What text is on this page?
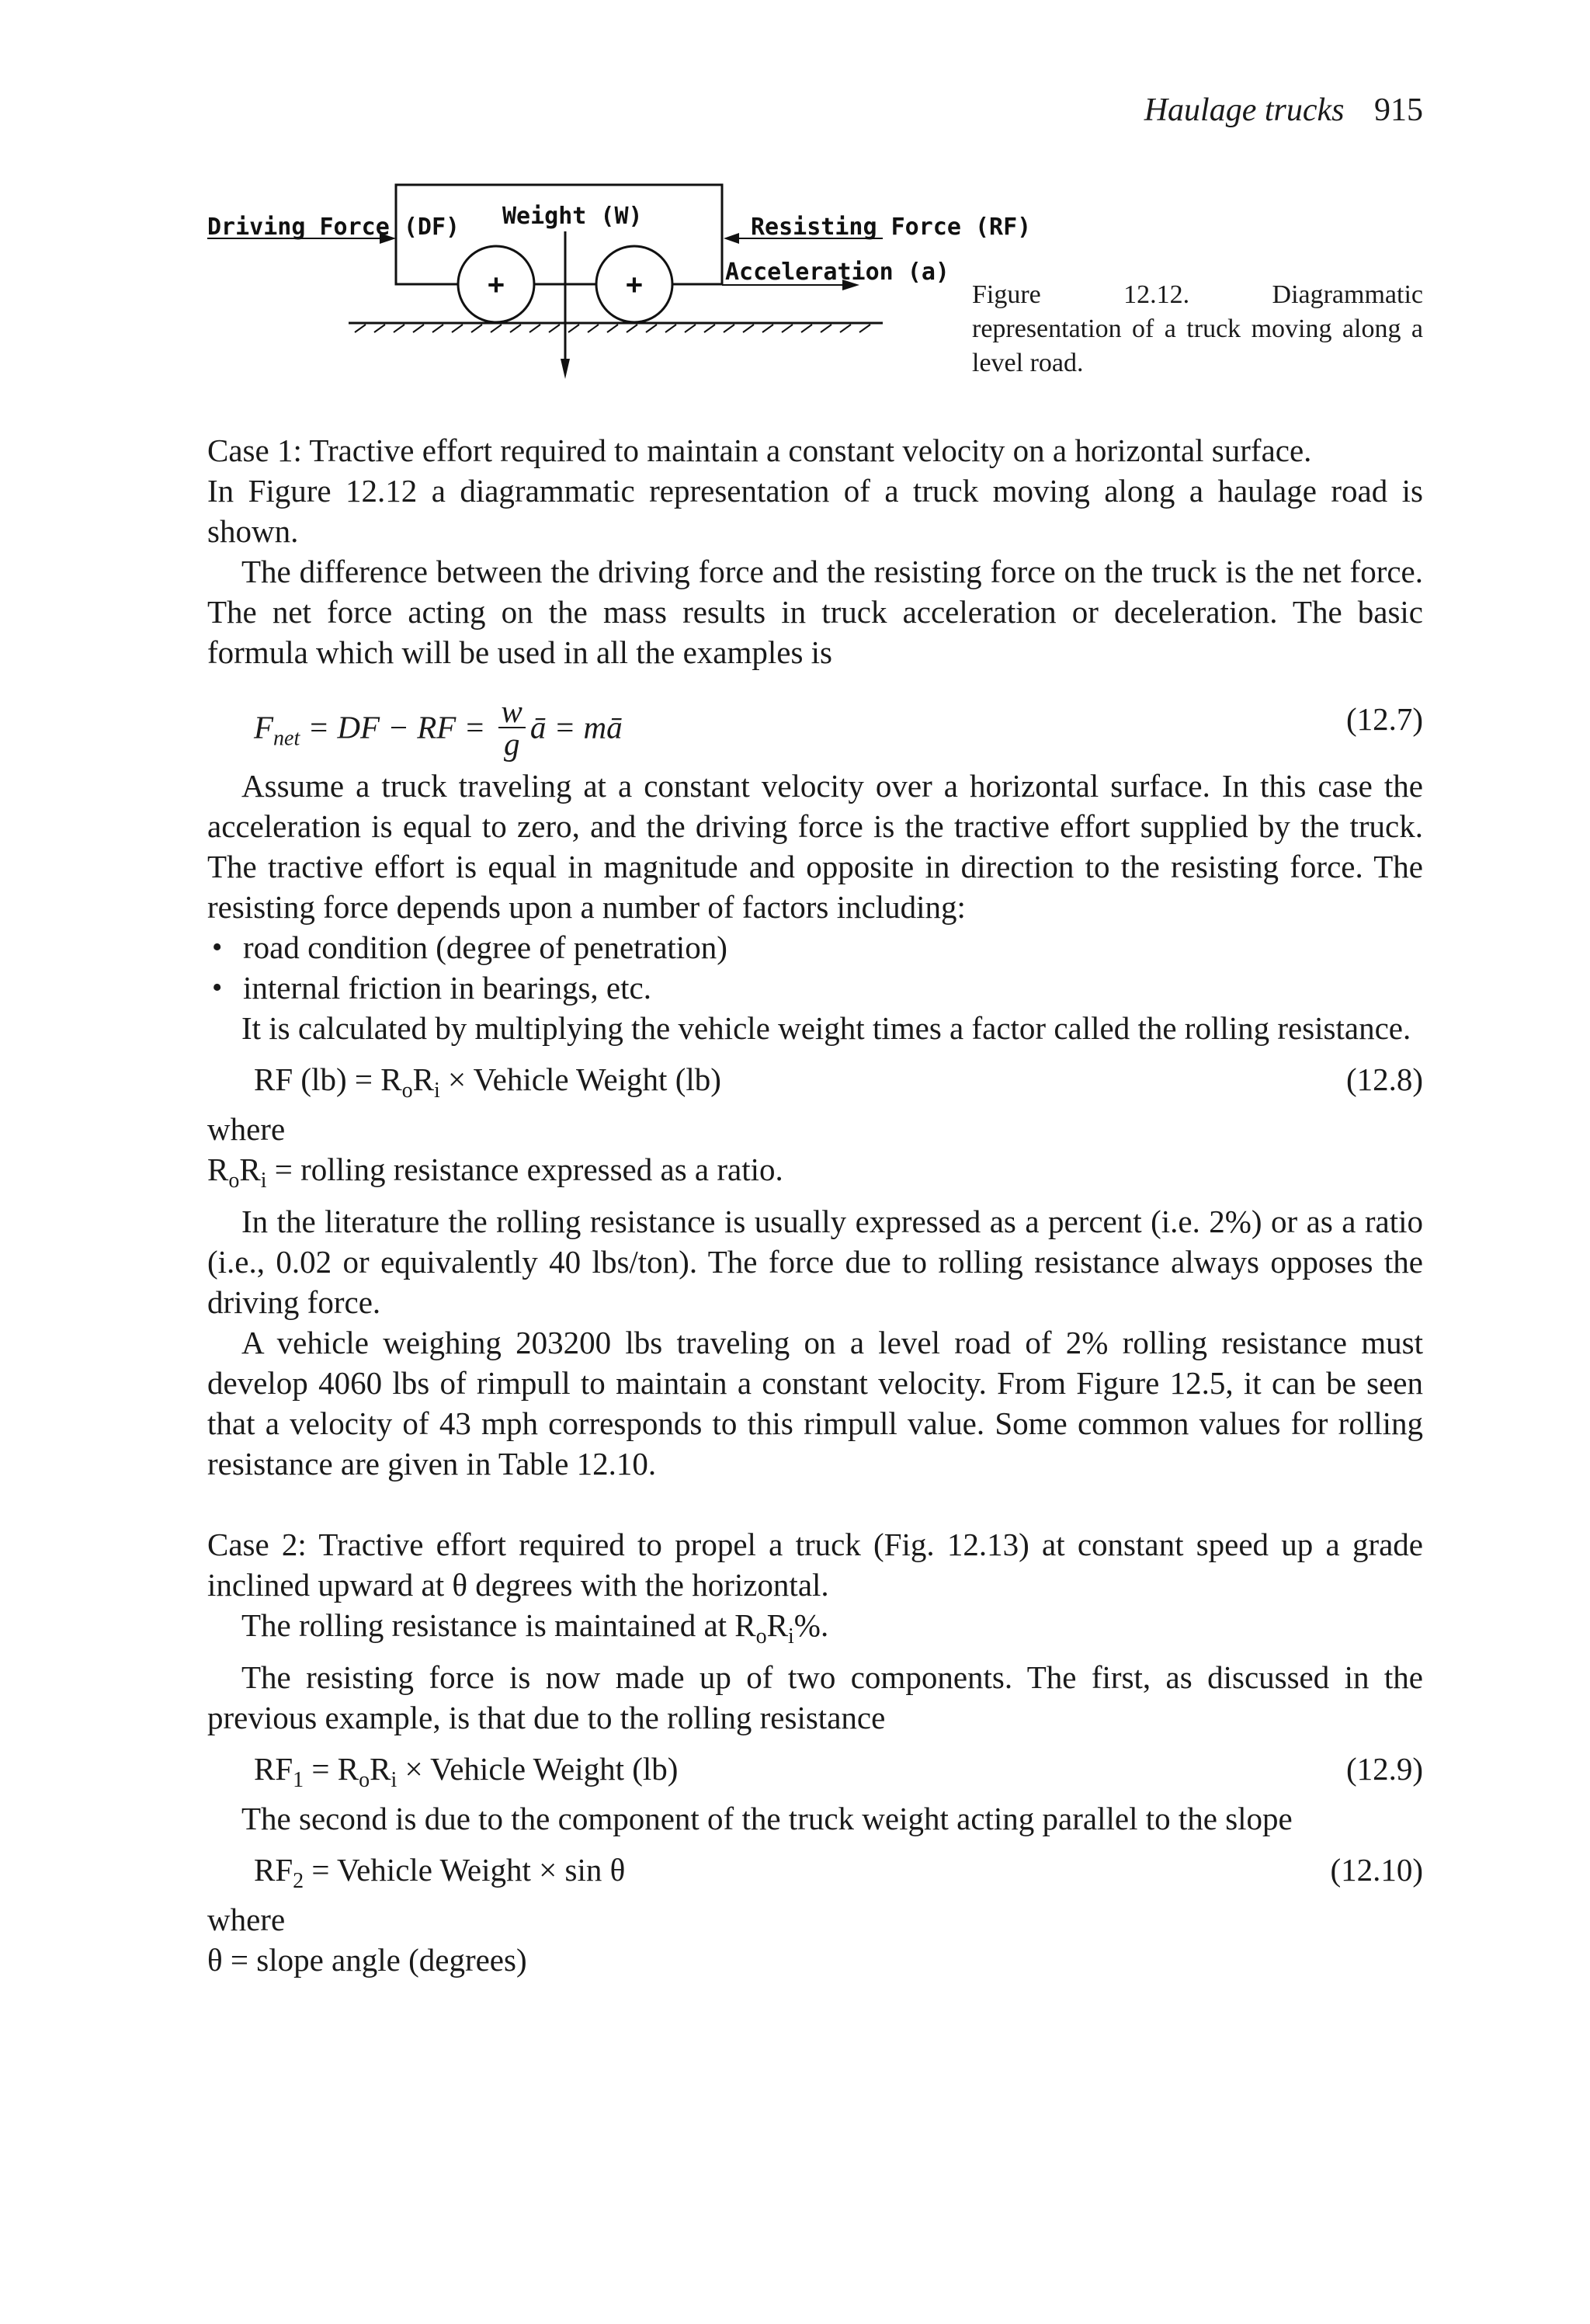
Haulage trucks 915
+	+
Driving Force (DF) Weight (W)	Resisting Force (RF)
Acceleration (a)
Figure 12.12. Diagrammatic representation of a truck moving along a level road.

Case 1: Tractive effort required to maintain a constant velocity on a horizontal surface.

In Figure 12.12 a diagrammatic representation of a truck moving along a haulage road is shown.

The difference between the driving force and the resisting force on the truck is the net force. The net force acting on the mass results in truck acceleration or deceleration. The basic formula which will be used in all the examples is

$F_{net}$ = DF − RF = $\frac{w}{g}$ ā = mā	(12.7)

Assume a truck traveling at a constant velocity over a horizontal surface. In this case the acceleration is equal to zero, and the driving force is the tractive effort supplied by the truck. The tractive effort is equal in magnitude and opposite in direction to the resisting force. The resisting force depends upon a number of factors including:

• road condition (degree of penetration)
• internal friction in bearings, etc.

It is calculated by multiplying the vehicle weight times a factor called the rolling resistance.

RF $(lb) = R_oR_i$ × Vehicle Weight (lb)	(12.8)

where

$R_oR_i$ = rolling resistance expressed as a ratio.

In the literature the rolling resistance is usually expressed as a percent (i.e. 2%) or as a ratio (i.e., 0.02 or equivalently 40 lbs/ton). The force due to rolling resistance always opposes the driving force.

A vehicle weighing 203200 lbs traveling on a level road of 2% rolling resistance must develop 4060 lbs of rimpull to maintain a constant velocity. From Figure 12.5, it can be seen that a velocity of 43 mph corresponds to this rimpull value. Some common values for rolling resistance are given in Table 12.10.

Case 2: Tractive effort required to propel a truck (Fig. 12.13) at constant speed up a grade inclined upward at θ degrees with the horizontal.

The rolling resistance is maintained at $R_oR_i\%$.

The resisting force is now made up of two components. The first, as discussed in the previous example, is that due to the rolling resistance

$RF_1 = R_oR_i$ × Vehicle Weight (lb)	(12.9)

The second is due to the component of the truck weight acting parallel to the slope

$RF_2$ = Vehicle Weight × sin θ	(12.10)

where

θ = slope angle (degrees)
